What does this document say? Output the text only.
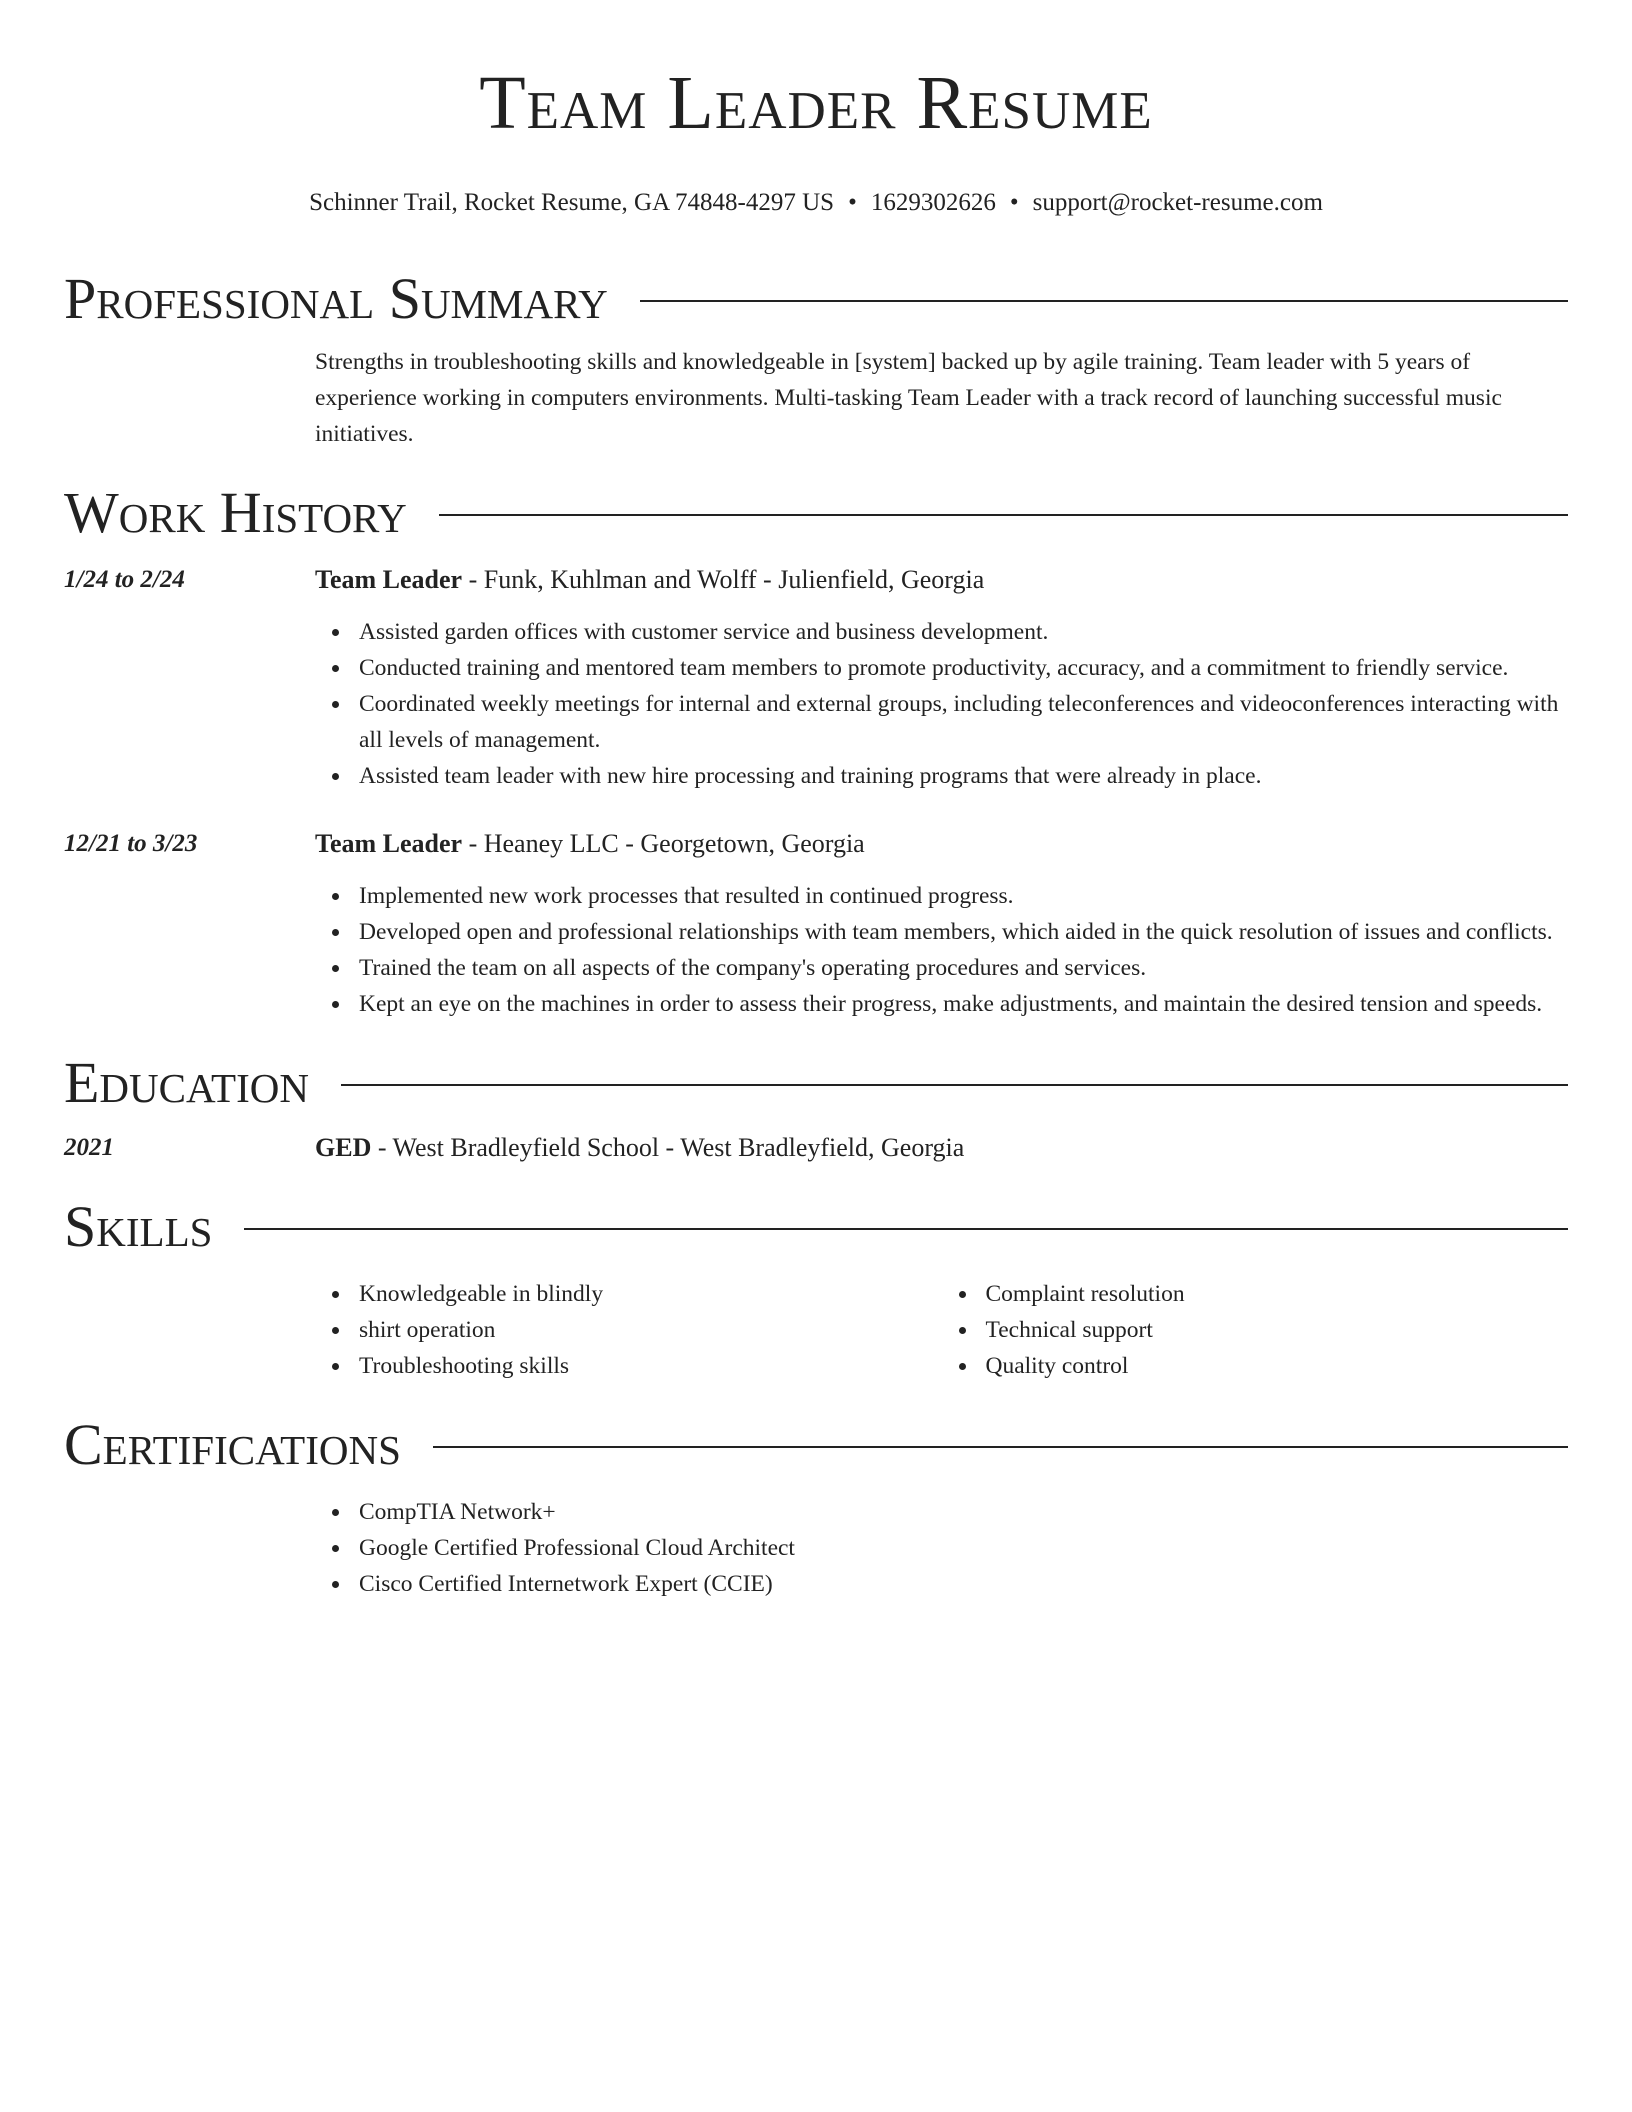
Team Leader Resume
Schinner Trail, Rocket Resume, GA 74848-4297 US • 1629302626 • support@rocket-resume.com
Professional Summary
Strengths in troubleshooting skills and knowledgeable in [system] backed up by agile training. Team leader with 5 years of experience working in computers environments. Multi-tasking Team Leader with a track record of launching successful music initiatives.
Work History
1/24 to 2/24	Team Leader - Funk, Kuhlman and Wolff - Julienfield, Georgia
Assisted garden offices with customer service and business development.
Conducted training and mentored team members to promote productivity, accuracy, and a commitment to friendly service.
Coordinated weekly meetings for internal and external groups, including teleconferences and videoconferences interacting with all levels of management.
Assisted team leader with new hire processing and training programs that were already in place.
12/21 to 3/23	Team Leader - Heaney LLC - Georgetown, Georgia
Implemented new work processes that resulted in continued progress.
Developed open and professional relationships with team members, which aided in the quick resolution of issues and conflicts.
Trained the team on all aspects of the company's operating procedures and services.
Kept an eye on the machines in order to assess their progress, make adjustments, and maintain the desired tension and speeds.
Education
2021	GED - West Bradleyfield School - West Bradleyfield, Georgia
Skills
Knowledgeable in blindly
shirt operation
Troubleshooting skills
Complaint resolution
Technical support
Quality control
Certifications
CompTIA Network+
Google Certified Professional Cloud Architect
Cisco Certified Internetwork Expert (CCIE)
